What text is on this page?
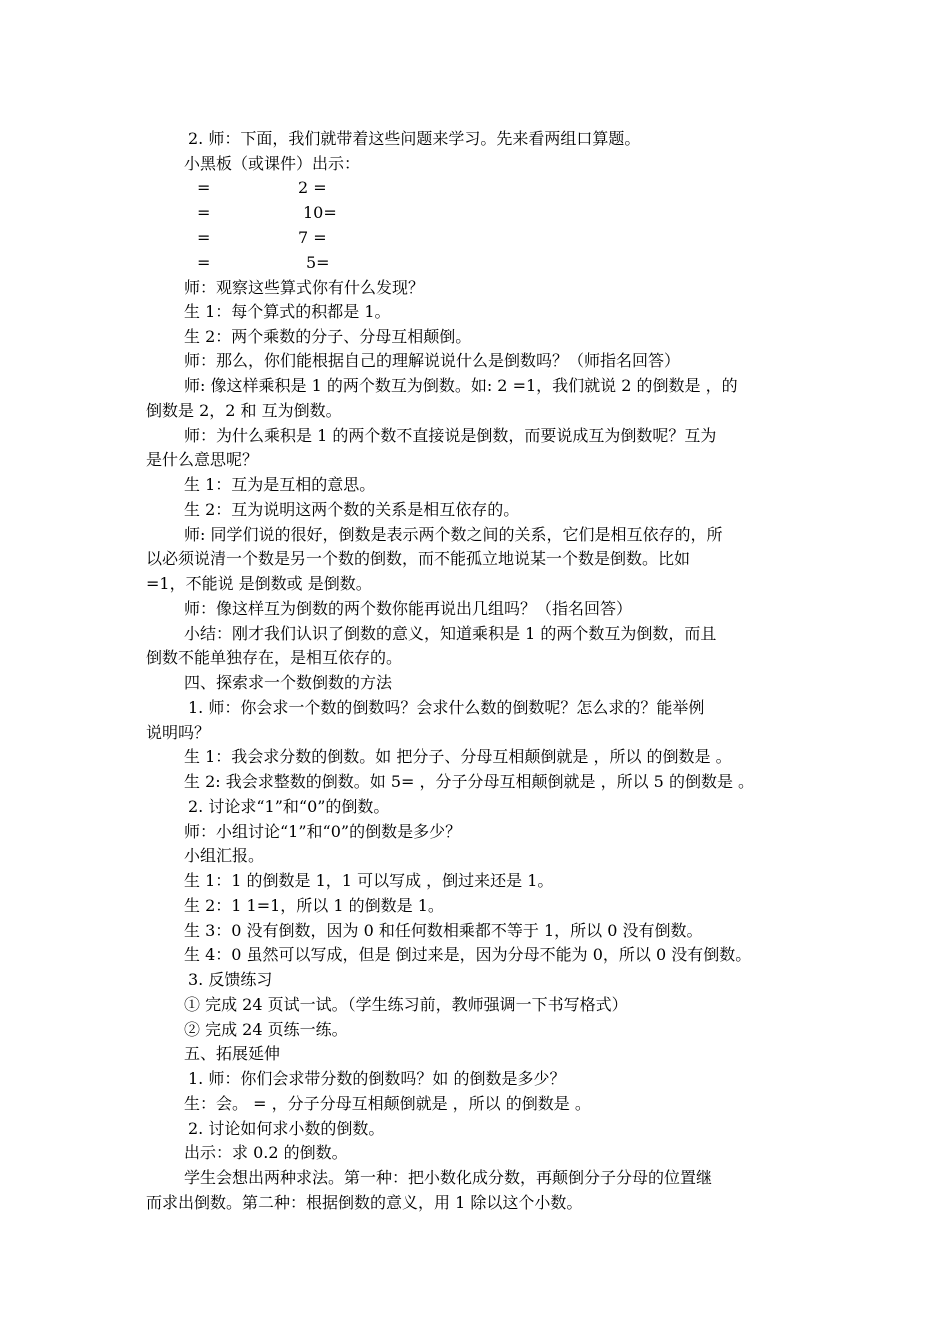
2. 师：下面，我们就带着这些问题来学习。先来看两组口算题。
小黑板（或课件）出示：
=	2 =
=	10=
=	7 =
=	5=
师：观察这些算式你有什么发现？
生 1：每个算式的积都是 1。
生 2：两个乘数的分子、分母互相颠倒。
师：那么，你们能根据自己的理解说说什么是倒数吗？（师指名回答）
师: 像这样乘积是 1 的两个数互为倒数。如: 2 =1，我们就说 2 的倒数是 ，的
倒数是 2，2 和 互为倒数。
师：为什么乘积是 1 的两个数不直接说是倒数，而要说成互为倒数呢？互为
是什么意思呢？
生 1：互为是互相的意思。
生 2：互为说明这两个数的关系是相互依存的。
师: 同学们说的很好，倒数是表示两个数之间的关系，它们是相互依存的，所
以必须说清一个数是另一个数的倒数，而不能孤立地说某一个数是倒数。比如
=1，不能说 是倒数或 是倒数。
师：像这样互为倒数的两个数你能再说出几组吗？（指名回答）
小结：刚才我们认识了倒数的意义，知道乘积是 1 的两个数互为倒数，而且
倒数不能单独存在，是相互依存的。
四、探索求一个数倒数的方法
1. 师：你会求一个数的倒数吗？会求什么数的倒数呢？怎么求的？能举例
说明吗？
生 1：我会求分数的倒数。如 把分子、分母互相颠倒就是 ，所以 的倒数是 。
生 2: 我会求整数的倒数。如 5= ，分子分母互相颠倒就是 ，所以 5 的倒数是 。
2. 讨论求“1”和“0”的倒数。
师：小组讨论“1”和“0”的倒数是多少？
小组汇报。
生 1：1 的倒数是 1，1 可以写成 ，倒过来还是 1。
生 2：1 1=1，所以 1 的倒数是 1。
生 3：0 没有倒数，因为 0 和任何数相乘都不等于 1，所以 0 没有倒数。
生 4：0 虽然可以写成，但是 倒过来是，因为分母不能为 0，所以 0 没有倒数。
3. 反馈练习
① 完成 24 页试一试。（学生练习前，教师强调一下书写格式）
② 完成 24 页练一练。
五、拓展延伸
1. 师：你们会求带分数的倒数吗？如 的倒数是多少？
生：会。 = ，分子分母互相颠倒就是 ，所以 的倒数是 。
2. 讨论如何求小数的倒数。
出示：求 0.2 的倒数。
学生会想出两种求法。第一种：把小数化成分数，再颠倒分子分母的位置继
而求出倒数。第二种：根据倒数的意义，用 1 除以这个小数。
